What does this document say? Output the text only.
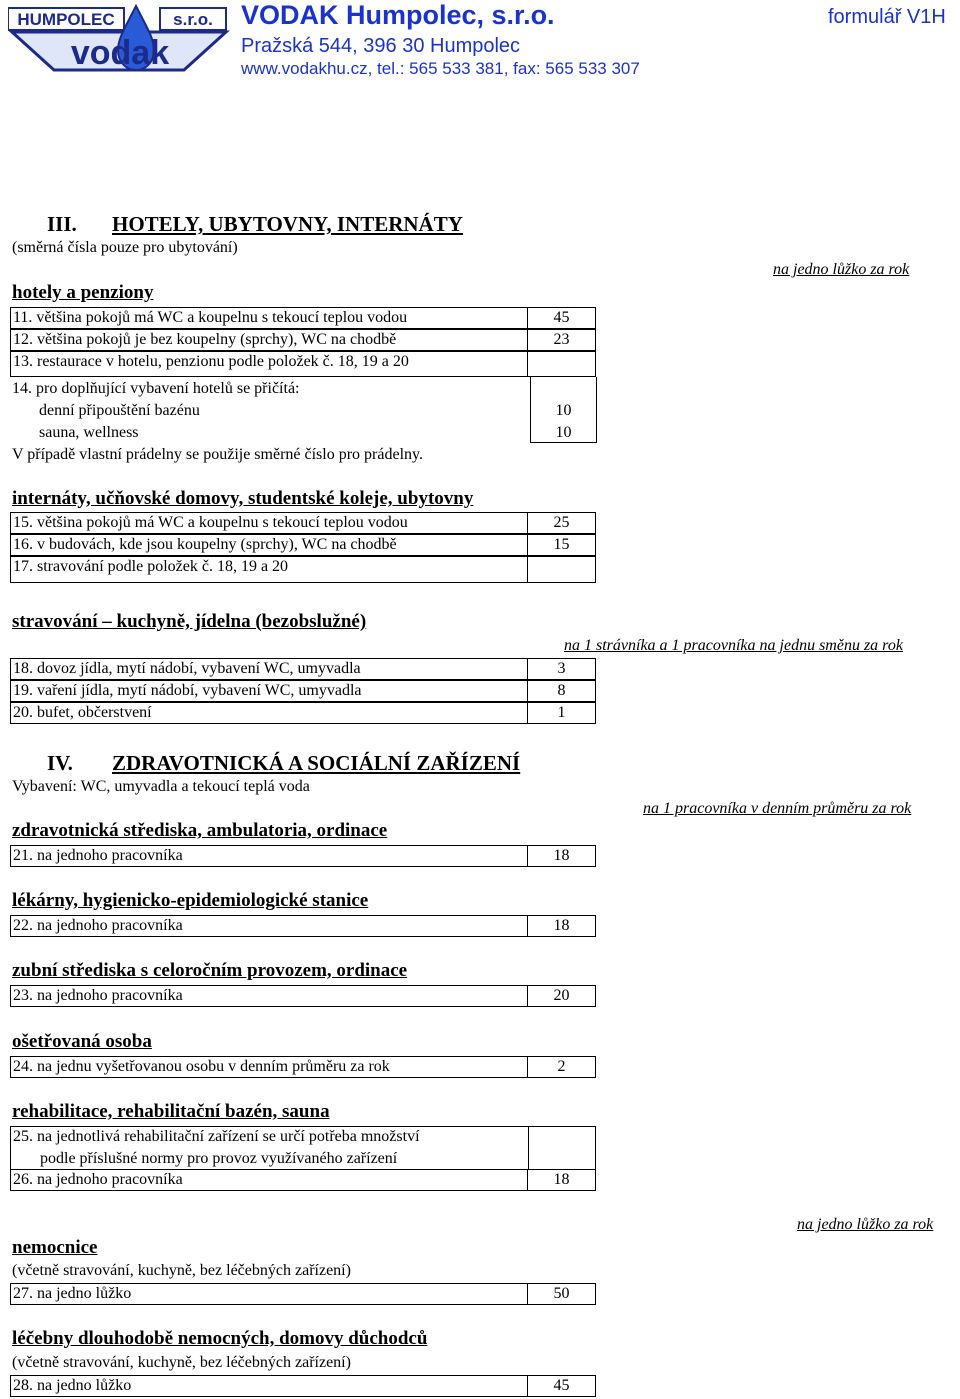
HUMPOLEC	s.r.o.
vodak
VODAK Humpolec, s.r.o.
Pražská 544, 396 30 Humpolec
www.vodakhu.cz, tel.: 565 533 381, fax: 565 533 307
formulář V1H
III. HOTELY, UBYTOVNY, INTERNÁTY
(směrná čísla pouze pro ubytování)
na jedno lůžko za rok
hotely a penziony
11. většina pokojů má WC a koupelnu s tekoucí teplou vodou	45
12. většina pokojů je bez koupelny (sprchy), WC na chodbě	23
13. restaurace v hotelu, penzionu podle položek č. 18, 19 a 20
14. pro doplňující vybavení hotelů se přičítá:
denní připouštění bazénu	10
sauna, wellness	10
V případě vlastní prádelny se použije směrné číslo pro prádelny.
internáty, učňovské domovy, studentské koleje, ubytovny
15. většina pokojů má WC a koupelnu s tekoucí teplou vodou	25
16. v budovách, kde jsou koupelny (sprchy), WC na chodbě	15
17. stravování podle položek č. 18, 19 a 20
stravování – kuchyně, jídelna (bezobslužné)
na 1 strávníka a 1 pracovníka na jednu směnu za rok
18. dovoz jídla, mytí nádobí, vybavení WC, umyvadla	3
19. vaření jídla, mytí nádobí, vybavení WC, umyvadla	8
20. bufet, občerstvení	1
IV. ZDRAVOTNICKÁ A SOCIÁLNÍ ZAŘÍZENÍ
Vybavení: WC, umyvadla a tekoucí teplá voda
na 1 pracovníka v denním průměru za rok
zdravotnická střediska, ambulatoria, ordinace
21. na jednoho pracovníka	18
lékárny, hygienicko-epidemiologické stanice
22. na jednoho pracovníka	18
zubní střediska s celoročním provozem, ordinace
23. na jednoho pracovníka	20
ošetřovaná osoba
24. na jednu vyšetřovanou osobu v denním průměru za rok	2
rehabilitace, rehabilitační bazén, sauna
25. na jednotlivá rehabilitační zařízení se určí potřeba množství
podle příslušné normy pro provoz využívaného zařízení
26. na jednoho pracovníka	18
na jedno lůžko za rok
nemocnice
(včetně stravování, kuchyně, bez léčebných zařízení)
27. na jedno lůžko	50
léčebny dlouhodobě nemocných, domovy důchodců
(včetně stravování, kuchyně, bez léčebných zařízení)
28. na jedno lůžko	45
